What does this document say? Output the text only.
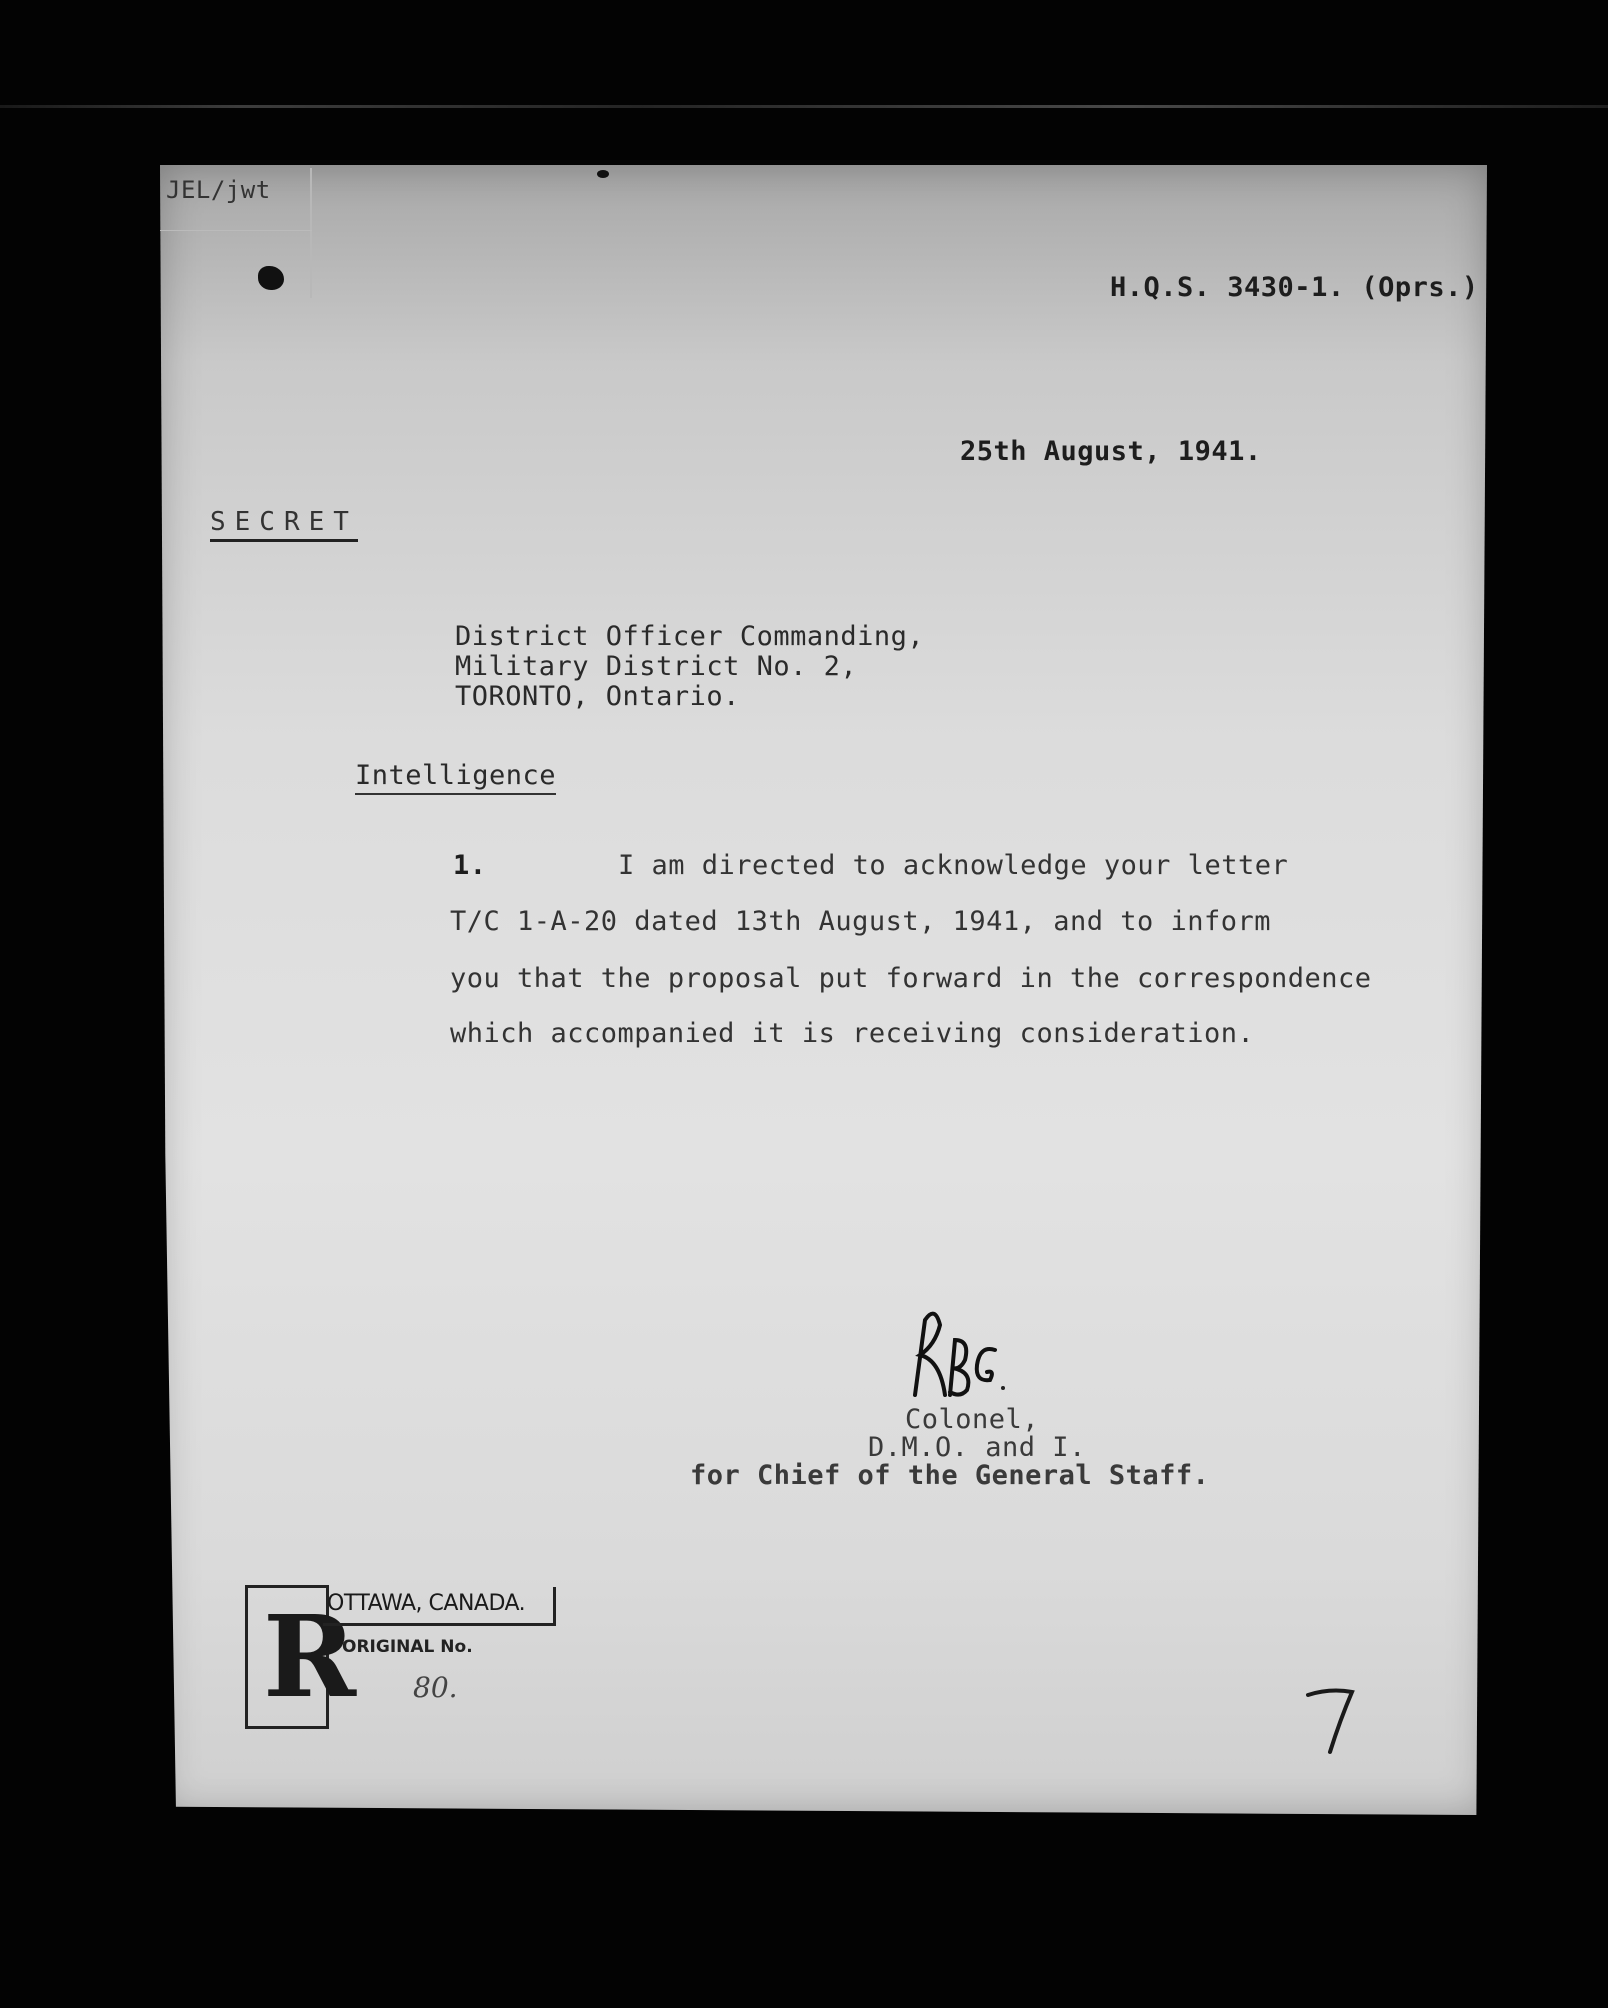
JEL/jwt
H.Q.S. 3430-1. (Oprs.)
25th August, 1941.
SECRET
District Officer Commanding,
Military District No. 2,
TORONTO, Ontario.
Intelligence
1.	I am directed to acknowledge your letter
T/C 1-A-20 dated 13th August, 1941, and to inform
you that the proposal put forward in the correspondence
which accompanied it is receiving consideration.
Colonel,
D.M.O. and I.
for Chief of the General Staff.
R
OTTAWA, CANADA.
ORIGINAL No.
80.
